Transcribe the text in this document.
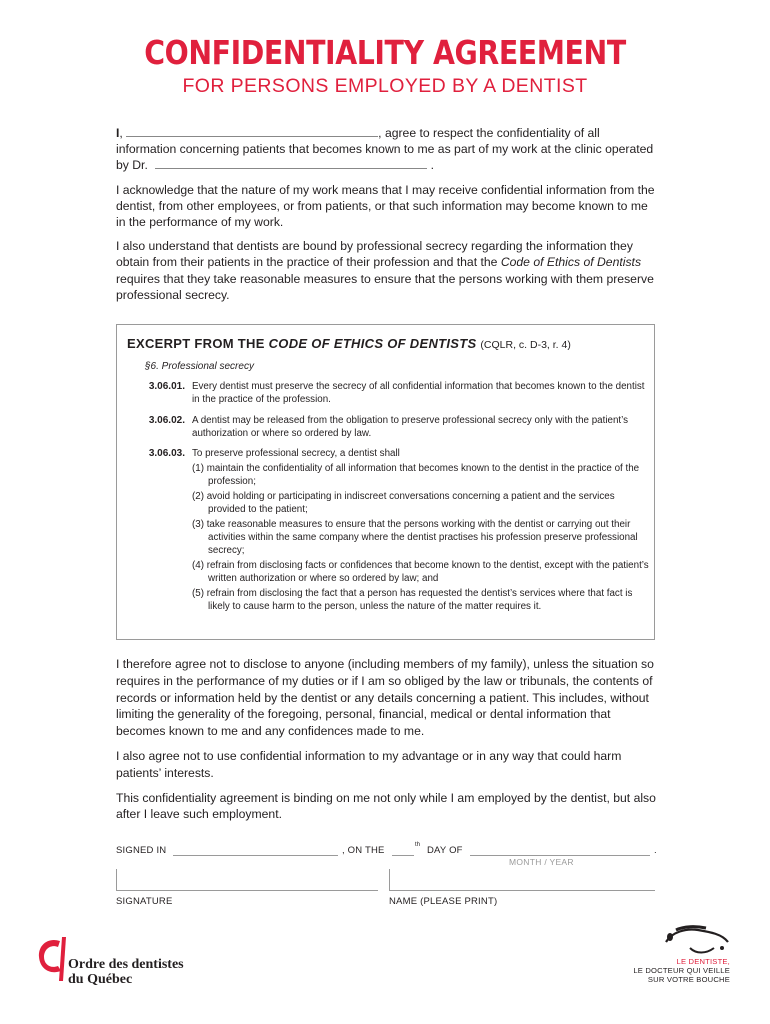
CONFIDENTIALITY AGREEMENT
FOR PERSONS EMPLOYED BY A DENTIST

I,	, agree to respect the confidentiality of all information concerning patients that becomes known to me as part of my work at the clinic operated by Dr.	.

I acknowledge that the nature of my work means that I may receive confidential information from the dentist, from other employees, or from patients, or that such information may become known to me in the performance of my work.

I also understand that dentists are bound by professional secrecy regarding the information they obtain from their patients in the practice of their profession and that the Code of Ethics of Dentists requires that they take reasonable measures to ensure that the persons working with them preserve professional secrecy.

EXCERPT FROM THE CODE OF ETHICS OF DENTISTS (CQLR, c. D-3, r. 4)
§6. Professional secrecy
3.06.01. Every dentist must preserve the secrecy of all confidential information that becomes known to the dentist in the practice of the profession.
3.06.02. A dentist may be released from the obligation to preserve professional secrecy only with the patient’s authorization or where so ordered by law.
3.06.03. To preserve professional secrecy, a dentist shall
(1) maintain the confidentiality of all information that becomes known to the dentist in the practice of the profession;
(2) avoid holding or participating in indiscreet conversations concerning a patient and the services provided to the patient;
(3) take reasonable measures to ensure that the persons working with the dentist or carrying out their activities within the same company where the dentist practises his profession preserve professional secrecy;
(4) refrain from disclosing facts or confidences that become known to the dentist, except with the patient’s written authorization or where so ordered by law; and
(5) refrain from disclosing the fact that a person has requested the dentist’s services where that fact is likely to cause harm to the person, unless the nature of the matter requires it.

I therefore agree not to disclose to anyone (including members of my family), unless the situation so requires in the performance of my duties or if I am so obliged by the law or tribunals, the contents of records or information held by the dentist or any details concerning a patient. This includes, without limiting the generality of the foregoing, personal, financial, medical or dental information that becomes known to me and any confidences made to me.

I also agree not to use confidential information to my advantage or in any way that could harm patients’ interests.

This confidentiality agreement is binding on me not only while I am employed by the dentist, but also after I leave such employment.

SIGNED IN	, ON THE	th DAY OF	.
MONTH / YEAR
SIGNATURE	NAME (PLEASE PRINT)
Ordre des dentistes
du Québec
LE DENTISTE,
LE DOCTEUR QUI VEILLE
SUR VOTRE BOUCHE
